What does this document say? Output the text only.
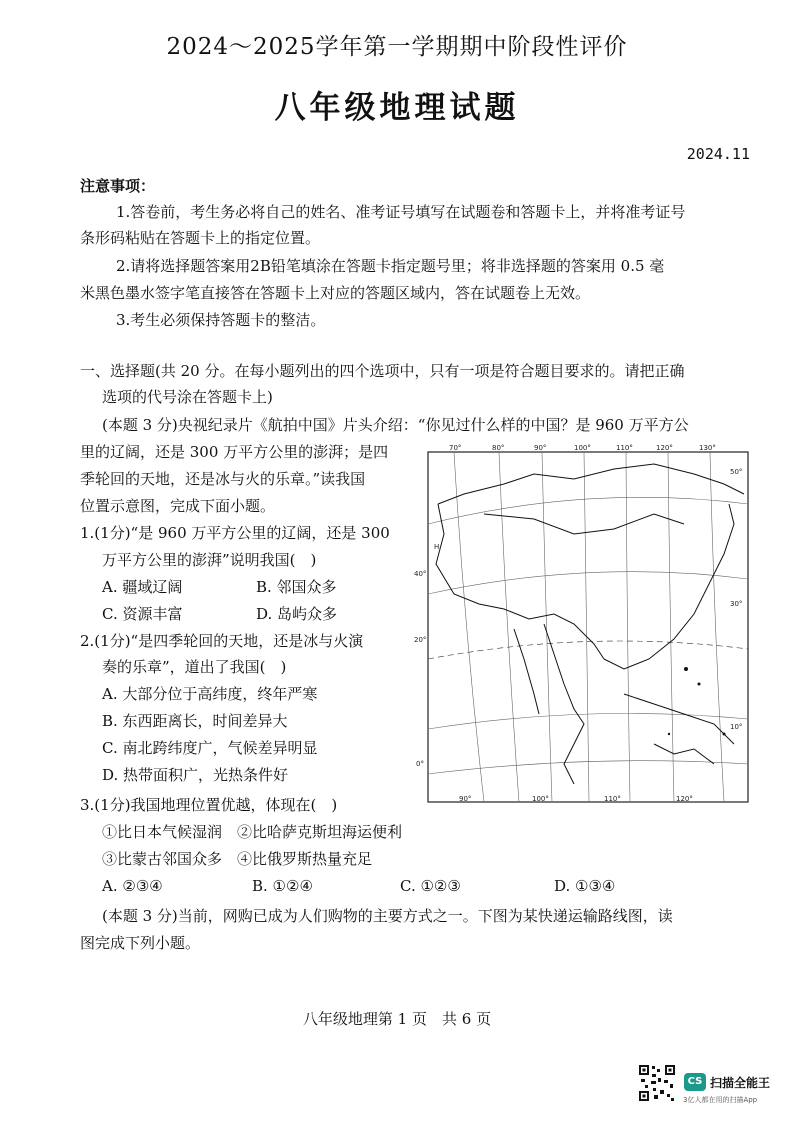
2024～2025学年第一学期期中阶段性评价
八年级地理试题
2024.11
注意事项：
1.答卷前，考生务必将自己的姓名、准考证号填写在试题卷和答题卡上，并将准考证号
条形码粘贴在答题卡上的指定位置。
2.请将选择题答案用2B铅笔填涂在答题卡指定题号里；将非选择题的答案用 0.5 毫
米黑色墨水签字笔直接答在答题卡上对应的答题区域内，答在试题卷上无效。
3.考生必须保持答题卡的整洁。
一、选择题(共 20 分。在每小题列出的四个选项中，只有一项是符合题目要求的。请把正确
选项的代号涂在答题卡上)
(本题 3 分)央视纪录片《航拍中国》片头介绍：“你见过什么样的中国？是 960 万平方公
里的辽阔，还是 300 万平方公里的澎湃；是四
季轮回的天地，还是冰与火的乐章。”读我国
位置示意图，完成下面小题。
1.(1分)“是 960 万平方公里的辽阔，还是 300
万平方公里的澎湃”说明我国(　)
A. 疆域辽阔	B. 邻国众多
C. 资源丰富	D. 岛屿众多
2.(1分)“是四季轮回的天地，还是冰与火演
奏的乐章”，道出了我国(　)
A. 大部分位于高纬度，终年严寒
B. 东西距离长，时间差异大
C. 南北跨纬度广，气候差异明显
D. 热带面积广，光热条件好
3.(1分)我国地理位置优越，体现在(　)
①比日本气候湿润　②比哈萨克斯坦海运便利
③比蒙古邻国众多　④比俄罗斯热量充足
A. ②③④	B. ①②④	C. ①②③	D. ①③④
(本题 3 分)当前，网购已成为人们购物的主要方式之一。下图为某快递运输路线图，读
图完成下列小题。
H
70°	80°	90°	100°	110°	120°	130°
90°	100°	110°	120°
40°
20°
0°
50°
30°
10°
八年级地理第 1 页　共 6 页
CS 扫描全能王
3亿人都在用的扫描App
